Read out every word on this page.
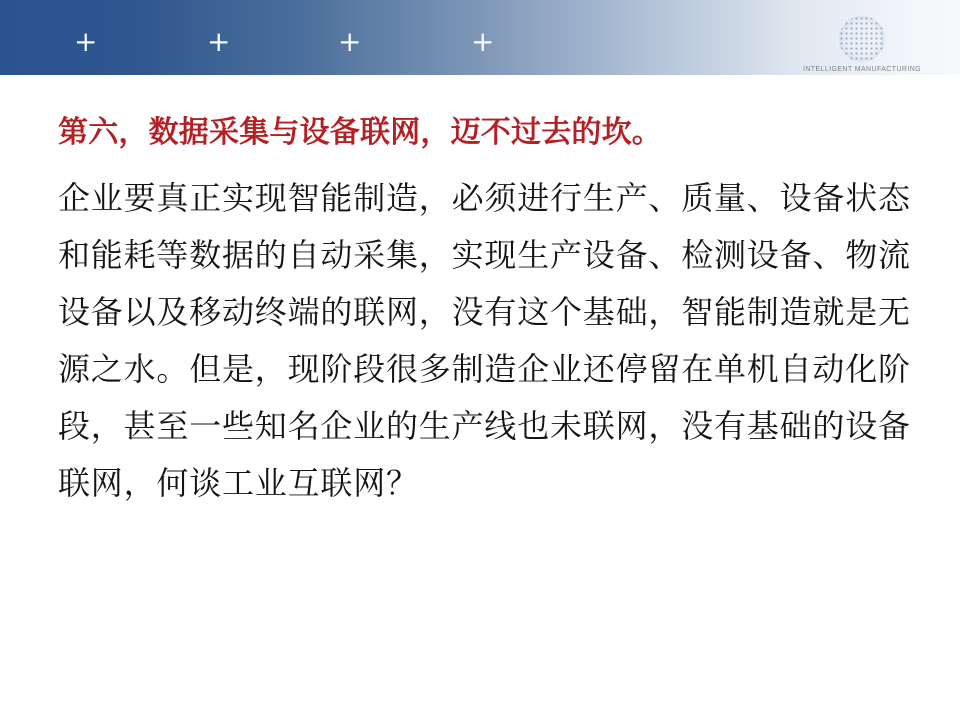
+	+	+	+
INTELLIGENT MANUFACTURING
第六，数据采集与设备联网，迈不过去的坎。
企业要真正实现智能制造，必须进行生产、质量、设备状态
和能耗等数据的自动采集，实现生产设备、检测设备、物流
设备以及移动终端的联网，没有这个基础，智能制造就是无
源之水。但是，现阶段很多制造企业还停留在单机自动化阶
段，甚至一些知名企业的生产线也未联网，没有基础的设备
联网，何谈工业互联网？
